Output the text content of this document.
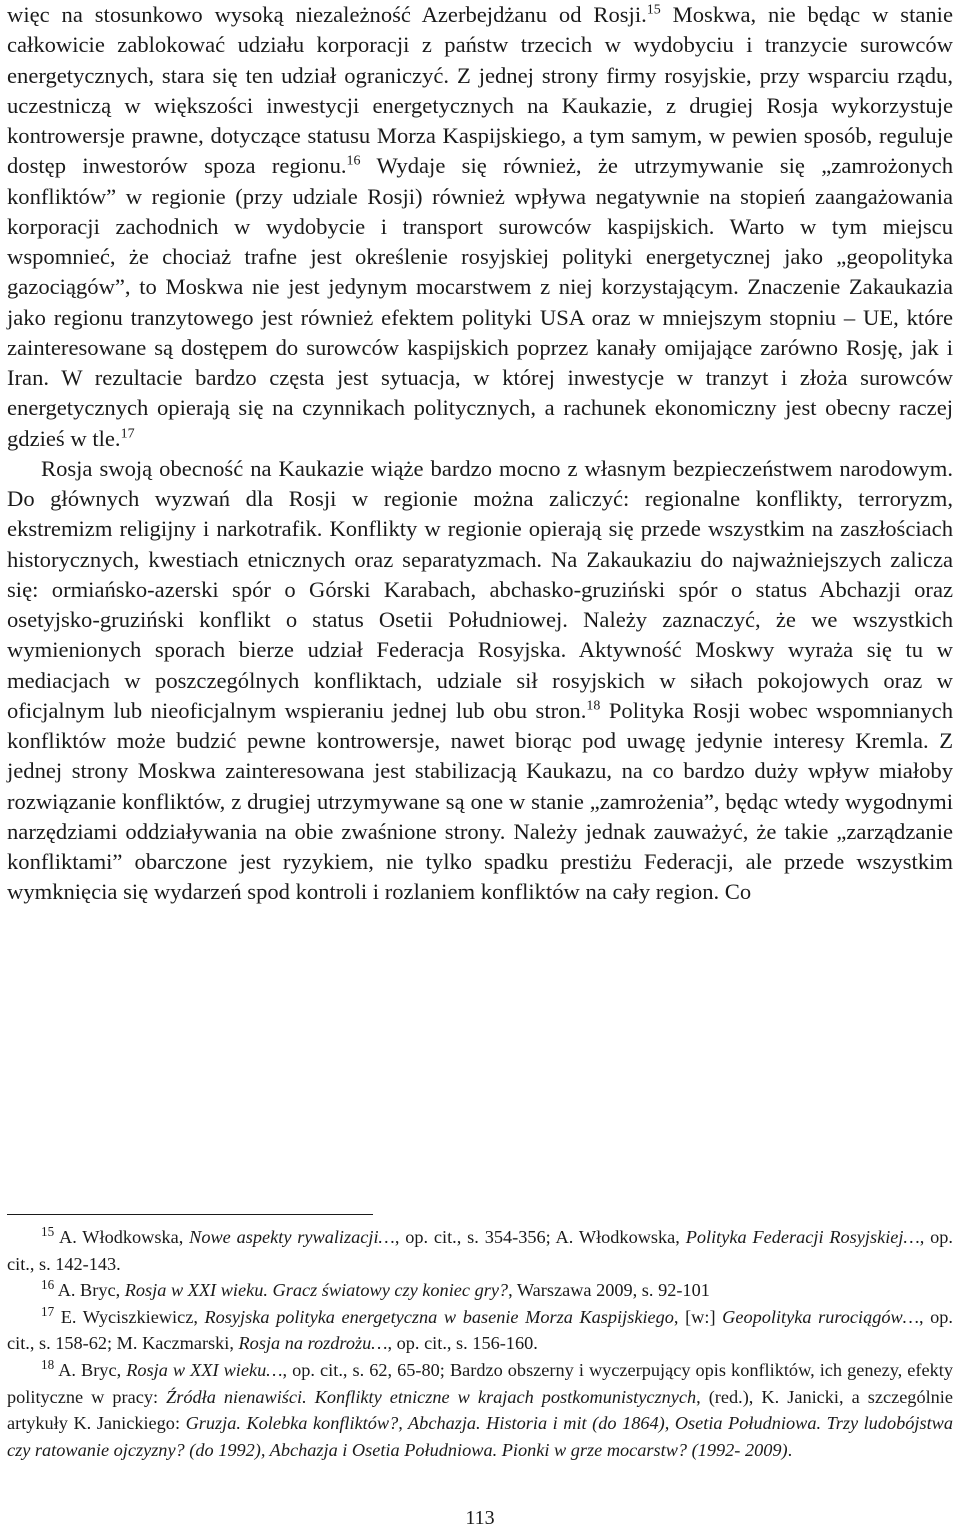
więc na stosunkowo wysoką niezależność Azerbejdżanu od Rosji.$^{15}$ Moskwa, nie będąc w stanie całkowicie zablokować udziału korporacji z państw trzecich w wydobyciu i tranzycie surowców energetycznych, stara się ten udział ograniczyć. Z jednej strony firmy rosyjskie, przy wsparciu rządu, uczestniczą w większości inwestycji energetycznych na Kaukazie, z drugiej Rosja wykorzystuje kontrowersje prawne, dotyczące statusu Morza Kaspijskiego, a tym samym, w pewien sposób, reguluje dostęp inwestorów spoza regionu.$^{16}$ Wydaje się również, że utrzymywanie się „zamrożonych konfliktów” w regionie (przy udziale Rosji) również wpływa negatywnie na stopień zaangażowania korporacji zachodnich w wydobycie i transport surowców kaspijskich. Warto w tym miejscu wspomnieć, że chociaż trafne jest określenie rosyjskiej polityki energetycznej jako „geopolityka gazociągów”, to Moskwa nie jest jedynym mocarstwem z niej korzystającym. Znaczenie Zakaukazia jako regionu tranzytowego jest również efektem polityki USA oraz w mniejszym stopniu – UE, które zainteresowane są dostępem do surowców kaspijskich poprzez kanały omijające zarówno Rosję, jak i Iran. W rezultacie bardzo częsta jest sytuacja, w której inwestycje w tranzyt i złoża surowców energetycznych opierają się na czynnikach politycznych, a rachunek ekonomiczny jest obecny raczej gdzieś w tle.$^{17}$

Rosja swoją obecność na Kaukazie wiąże bardzo mocno z własnym bezpieczeństwem narodowym. Do głównych wyzwań dla Rosji w regionie można zaliczyć: regionalne konflikty, terroryzm, ekstremizm religijny i narkotrafik. Konflikty w regionie opierają się przede wszystkim na zaszłościach historycznych, kwestiach etnicznych oraz separatyzmach. Na Zakaukaziu do najważniejszych zalicza się: ormiańsko-azerski spór o Górski Karabach, abchasko-gruziński spór o status Abchazji oraz osetyjsko-gruziński konflikt o status Osetii Południowej. Należy zaznaczyć, że we wszystkich wymienionych sporach bierze udział Federacja Rosyjska. Aktywność Moskwy wyraża się tu w mediacjach w poszczególnych konfliktach, udziale sił rosyjskich w siłach pokojowych oraz w oficjalnym lub nieoficjalnym wspieraniu jednej lub obu stron.$^{18}$ Polityka Rosji wobec wspomnianych konfliktów może budzić pewne kontrowersje, nawet biorąc pod uwagę jedynie interesy Kremla. Z jednej strony Moskwa zainteresowana jest stabilizacją Kaukazu, na co bardzo duży wpływ miałoby rozwiązanie konfliktów, z drugiej utrzymywane są one w stanie „zamrożenia”, będąc wtedy wygodnymi narzędziami oddziaływania na obie zwaśnione strony. Należy jednak zauważyć, że takie „zarządzanie konfliktami” obarczone jest ryzykiem, nie tylko spadku prestiżu Federacji, ale przede wszystkim wymknięcia się wydarzeń spod kontroli i rozlaniem konfliktów na cały region. Co

$^{15}$ A. Włodkowska, Nowe aspekty rywalizacji…, op. cit., s. 354-356; A. Włodkowska, Polityka Federacji Rosyjskiej…, op. cit., s. 142-143.

$^{16}$ A. Bryc, Rosja w XXI wieku. Gracz światowy czy koniec gry?, Warszawa 2009, s. 92-101

$^{17}$ E. Wyciszkiewicz, Rosyjska polityka energetyczna w basenie Morza Kaspijskiego, [w:] Geopolityka rurociągów…, op. cit., s. 158-62; M. Kaczmarski, Rosja na rozdrożu…, op. cit., s. 156-160.

$^{18}$ A. Bryc, Rosja w XXI wieku…, op. cit., s. 62, 65-80; Bardzo obszerny i wyczerpujący opis konfliktów, ich genezy, efekty polityczne w pracy: Źródła nienawiści. Konflikty etniczne w krajach postkomunistycznych, (red.), K. Janicki, a szczególnie artykuły K. Janickiego: Gruzja. Kolebka konfliktów?, Abchazja. Historia i mit (do 1864), Osetia Południowa. Trzy ludobójstwa czy ratowanie ojczyzny? (do 1992), Abchazja i Osetia Południowa. Pionki w grze mocarstw? (1992- 2009).

113
